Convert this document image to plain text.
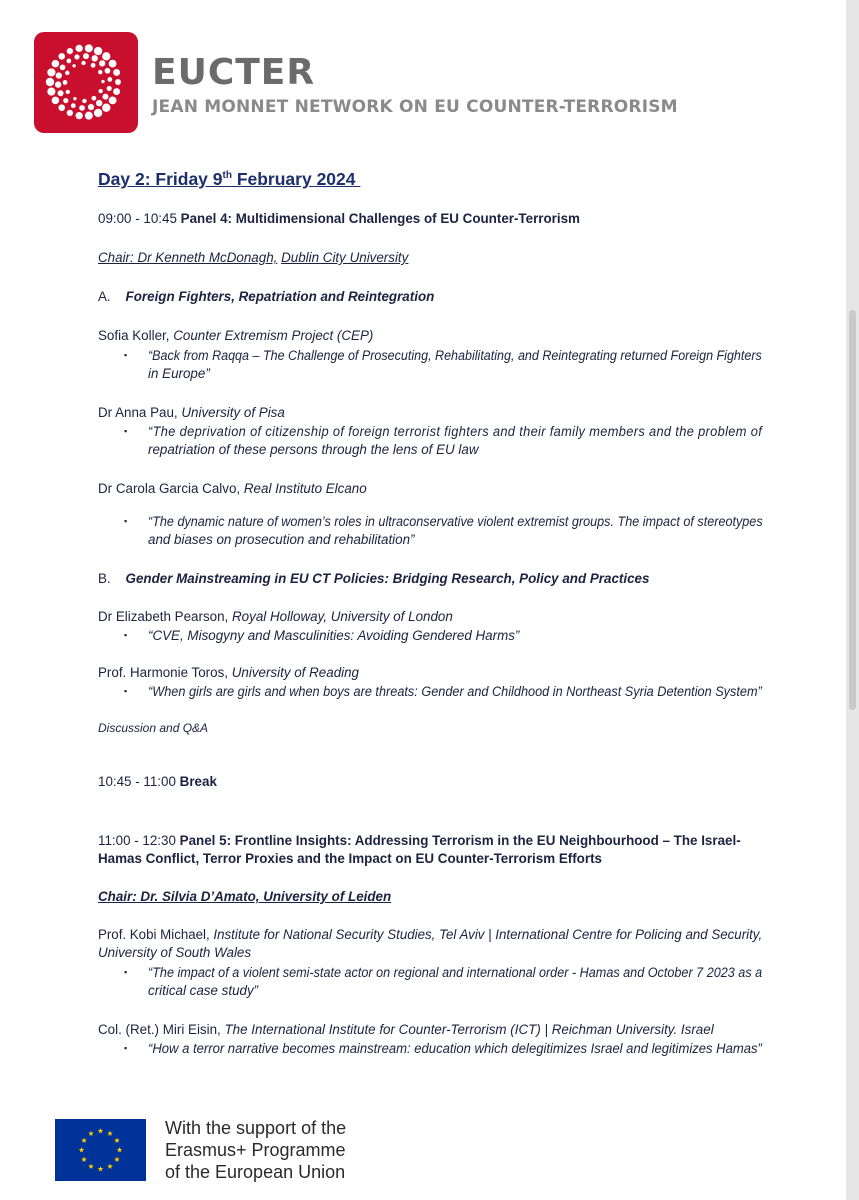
EUCTER
JEAN MONNET NETWORK ON EU COUNTER-TERRORISM
Day 2: Friday 9th February 2024
09:00 - 10:45 Panel 4: Multidimensional Challenges of EU Counter-Terrorism
Chair: Dr Kenneth McDonagh, Dublin City University
A. Foreign Fighters, Repatriation and Reintegration
Sofia Koller, Counter Extremism Project (CEP)
▪ “Back from Raqqa – The Challenge of Prosecuting, Rehabilitating, and Reintegrating returned Foreign Fighters
in Europe”
Dr Anna Pau, University of Pisa
▪ “The deprivation of citizenship of foreign terrorist fighters and their family members and the problem of
repatriation of these persons through the lens of EU law
Dr Carola Garcia Calvo, Real Instituto Elcano
▪ “The dynamic nature of women’s roles in ultraconservative violent extremist groups. The impact of stereotypes
and biases on prosecution and rehabilitation”
B. Gender Mainstreaming in EU CT Policies: Bridging Research, Policy and Practices
Dr Elizabeth Pearson, Royal Holloway, University of London
▪ “CVE, Misogyny and Masculinities: Avoiding Gendered Harms”
Prof. Harmonie Toros, University of Reading
▪ “When girls are girls and when boys are threats: Gender and Childhood in Northeast Syria Detention System”
Discussion and Q&A
10:45 - 11:00 Break
11:00 - 12:30 Panel 5: Frontline Insights: Addressing Terrorism in the EU Neighbourhood – The Israel-
Hamas Conflict, Terror Proxies and the Impact on EU Counter-Terrorism Efforts
Chair: Dr. Silvia D’Amato, University of Leiden
Prof. Kobi Michael, Institute for National Security Studies, Tel Aviv | International Centre for Policing and Security,
University of South Wales
▪ “The impact of a violent semi-state actor on regional and international order - Hamas and October 7 2023 as a
critical case study”
Col. (Ret.) Miri Eisin, The International Institute for Counter-Terrorism (ICT) | Reichman University. Israel
▪ “How a terror narrative becomes mainstream: education which delegitimizes Israel and legitimizes Hamas”
With the support of the
Erasmus+ Programme
of the European Union
